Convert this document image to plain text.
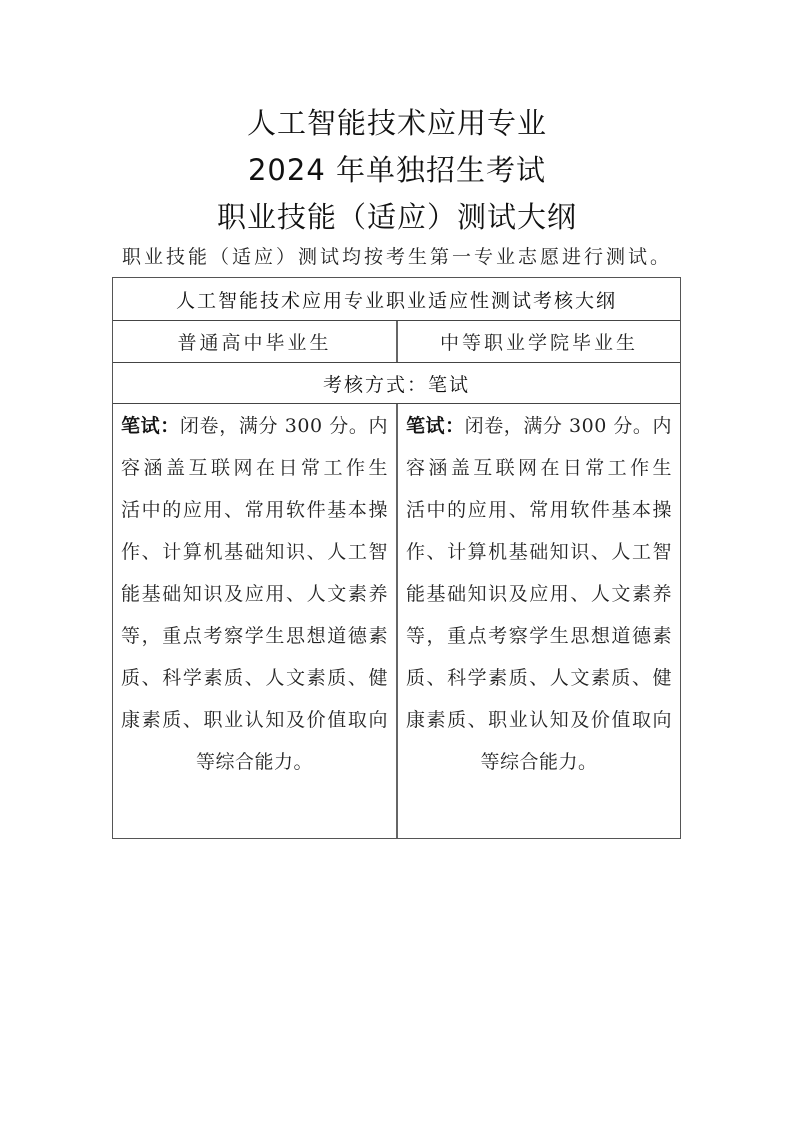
人工智能技术应用专业
2024 年单独招生考试
职业技能（适应）测试大纲
职业技能（适应）测试均按考生第一专业志愿进行测试。
人工智能技术应用专业职业适应性测试考核大纲
普通高中毕业生	中等职业学院毕业生
考核方式：笔试
笔试：闭卷，满分 300 分。内
容涵盖互联网在日常工作生
活中的应用、常用软件基本操
作、计算机基础知识、人工智
能基础知识及应用、人文素养
等，重点考察学生思想道德素
质、科学素质、人文素质、健
康素质、职业认知及价值取向
等综合能力。
笔试：闭卷，满分 300 分。内
容涵盖互联网在日常工作生
活中的应用、常用软件基本操
作、计算机基础知识、人工智
能基础知识及应用、人文素养
等，重点考察学生思想道德素
质、科学素质、人文素质、健
康素质、职业认知及价值取向
等综合能力。
